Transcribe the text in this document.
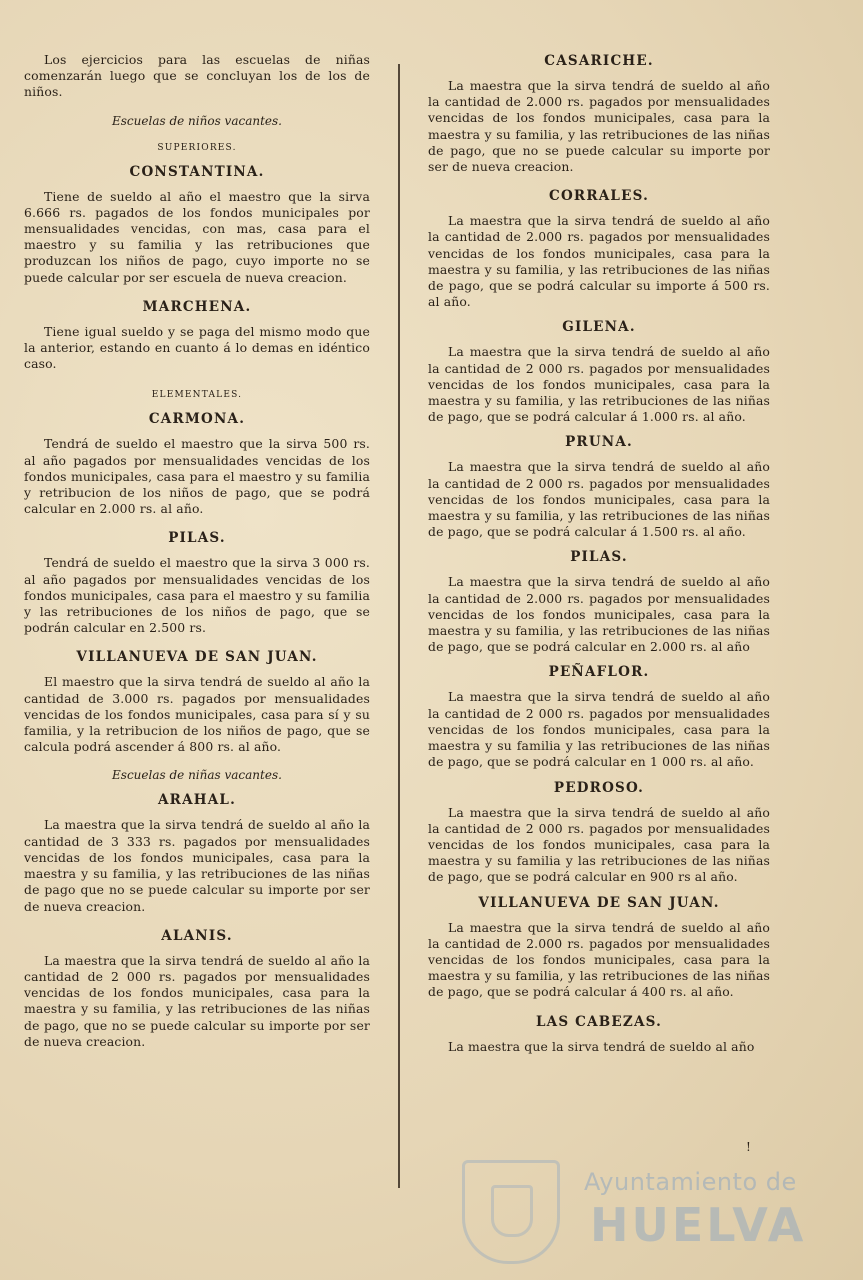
Los ejercicios para las escuelas de niñas comenzarán luego que se concluyan los de los de niños.

Escuelas de niños vacantes.

SUPERIORES.

CONSTANTINA.

Tiene de sueldo al año el maestro que la sirva 6.666 rs. pagados de los fondos municipales por mensualidades vencidas, con mas, casa para el maestro y su familia y las retribuciones que produzcan los niños de pago, cuyo importe no se puede calcular por ser escuela de nueva creacion.

MARCHENA.

Tiene igual sueldo y se paga del mismo modo que la anterior, estando en cuanto á lo demas en idéntico caso.

ELEMENTALES.

CARMONA.

Tendrá de sueldo el maestro que la sirva 500 rs. al año pagados por mensualidades vencidas de los fondos municipales, casa para el maestro y su familia y retribucion de los niños de pago, que se podrá calcular en 2.000 rs. al año.

PILAS.

Tendrá de sueldo el maestro que la sirva 3 000 rs. al año pagados por mensualidades vencidas de los fondos municipales, casa para el maestro y su familia y las retribuciones de los niños de pago, que se podrán calcular en 2.500 rs.

VILLANUEVA DE SAN JUAN.

El maestro que la sirva tendrá de sueldo al año la cantidad de 3.000 rs. pagados por mensualidades vencidas de los fondos municipales, casa para sí y su familia, y la retribucion de los niños de pago, que se calcula podrá ascender á 800 rs. al año.

Escuelas de niñas vacantes.

ARAHAL.

La maestra que la sirva tendrá de sueldo al año la cantidad de 3 333 rs. pagados por mensualidades vencidas de los fondos municipales, casa para la maestra y su familia, y las retribuciones de las niñas de pago que no se puede calcular su importe por ser de nueva creacion.

ALANIS.

La maestra que la sirva tendrá de sueldo al año la cantidad de 2 000 rs. pagados por mensualidades vencidas de los fondos municipales, casa para la maestra y su familia, y las retribuciones de las niñas de pago, que no se puede calcular su importe por ser de nueva creacion.

CASARICHE.

La maestra que la sirva tendrá de sueldo al año la cantidad de 2.000 rs. pagados por mensualidades vencidas de los fondos municipales, casa para la maestra y su familia, y las retribuciones de las niñas de pago, que no se puede calcular su importe por ser de nueva creacion.

CORRALES.

La maestra que la sirva tendrá de sueldo al año la cantidad de 2.000 rs. pagados por mensualidades vencidas de los fondos municipales, casa para la maestra y su familia, y las retribuciones de las niñas de pago, que se podrá calcular su importe á 500 rs. al año.

GILENA.

La maestra que la sirva tendrá de sueldo al año la cantidad de 2 000 rs. pagados por mensualidades vencidas de los fondos municipales, casa para la maestra y su familia, y las retribuciones de las niñas de pago, que se podrá calcular á 1.000 rs. al año.

PRUNA.

La maestra que la sirva tendrá de sueldo al año la cantidad de 2 000 rs. pagados por mensualidades vencidas de los fondos municipales, casa para la maestra y su familia, y las retribuciones de las niñas de pago, que se podrá calcular á 1.500 rs. al año.

PILAS.

La maestra que la sirva tendrá de sueldo al año la cantidad de 2.000 rs. pagados por mensualidades vencidas de los fondos municipales, casa para la maestra y su familia, y las retribuciones de las niñas de pago, que se podrá calcular en 2.000 rs. al año

PEÑAFLOR.

La maestra que la sirva tendrá de sueldo al año la cantidad de 2 000 rs. pagados por mensualidades vencidas de los fondos municipales, casa para la maestra y su familia y las retribuciones de las niñas de pago, que se podrá calcular en 1 000 rs. al año.

PEDROSO.

La maestra que la sirva tendrá de sueldo al año la cantidad de 2 000 rs. pagados por mensualidades vencidas de los fondos municipales, casa para la maestra y su familia y las retribuciones de las niñas de pago, que se podrá calcular en 900 rs al año.

VILLANUEVA DE SAN JUAN.

La maestra que la sirva tendrá de sueldo al año la cantidad de 2.000 rs. pagados por mensualidades vencidas de los fondos municipales, casa para la maestra y su familia, y las retribuciones de las niñas de pago, que se podrá calcular á 400 rs. al año.

LAS CABEZAS.

La maestra que la sirva tendrá de sueldo al año

!
Ayuntamiento de
HUELVA
